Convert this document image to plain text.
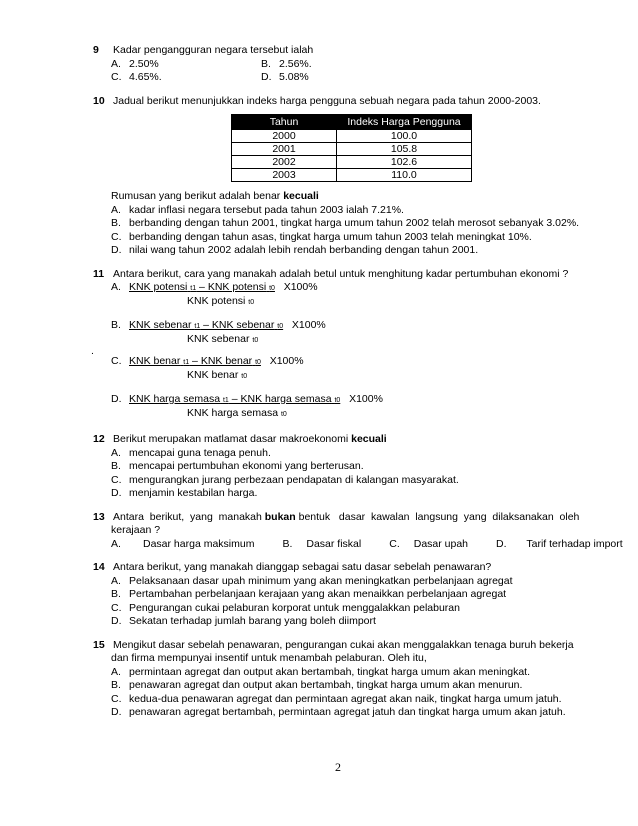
9 Kadar pengangguran negara tersebut ialah
A. 2.50%	B. 2.56%.
C. 4.65%.	D. 5.08%
10 Jadual berikut menunjukkan indeks harga pengguna sebuah negara pada tahun 2000-2003.
Tahun	Indeks Harga Pengguna
2000	100.0
2001	105.8
2002	102.6
2003	110.0
Rumusan yang berikut adalah benar kecuali
A. kadar inflasi negara tersebut pada tahun 2003 ialah 7.21%.
B. berbanding dengan tahun 2001, tingkat harga umum tahun 2002 telah merosot sebanyak 3.02%.
C. berbanding dengan tahun asas, tingkat harga umum tahun 2003 telah meningkat 10%.
D. nilai wang tahun 2002 adalah lebih rendah berbanding dengan tahun 2001.
11 Antara berikut, cara yang manakah adalah betul untuk menghitung kadar pertumbuhan ekonomi ?
A. KNK potensi t1 – KNK potensi t0 X100%
KNK potensi t0
B. KNK sebenar t1 – KNK sebenar t0 X100%
KNK sebenar t0
.
C. KNK benar t1 – KNK benar t0 X100%
KNK benar t0
D. KNK harga semasa t1 – KNK harga semasa t0 X100%
KNK harga semasa t0
12 Berikut merupakan matlamat dasar makroekonomi kecuali
A. mencapai guna tenaga penuh.
B. mencapai pertumbuhan ekonomi yang berterusan.
C. mengurangkan jurang perbezaan pendapatan di kalangan masyarakat.
D. menjamin kestabilan harga.
13 Antara  berikut,  yang  manakah bukan bentuk   dasar  kawalan  langsung  yang  dilaksanakan  oleh
kerajaan ?
A. Dasar harga maksimum	B. Dasar fiskal	C. Dasar upah	D. Tarif terhadap import
14 Antara berikut, yang manakah dianggap sebagai satu dasar sebelah penawaran?
A. Pelaksanaan dasar upah minimum yang akan meningkatkan perbelanjaan agregat
B. Pertambahan perbelanjaan kerajaan yang akan menaikkan perbelanjaan agregat
C. Pengurangan cukai pelaburan korporat untuk menggalakkan pelaburan
D. Sekatan terhadap jumlah barang yang boleh diimport
15 Mengikut dasar sebelah penawaran, pengurangan cukai akan menggalakkan tenaga buruh bekerja
dan firma mempunyai insentif untuk menambah pelaburan. Oleh itu,
A. permintaan agregat dan output akan bertambah, tingkat harga umum akan meningkat.
B. penawaran agregat dan output akan bertambah, tingkat harga umum akan menurun.
C. kedua-dua penawaran agregat dan permintaan agregat akan naik, tingkat harga umum jatuh.
D. penawaran agregat bertambah, permintaan agregat jatuh dan tingkat harga umum akan jatuh.
2
